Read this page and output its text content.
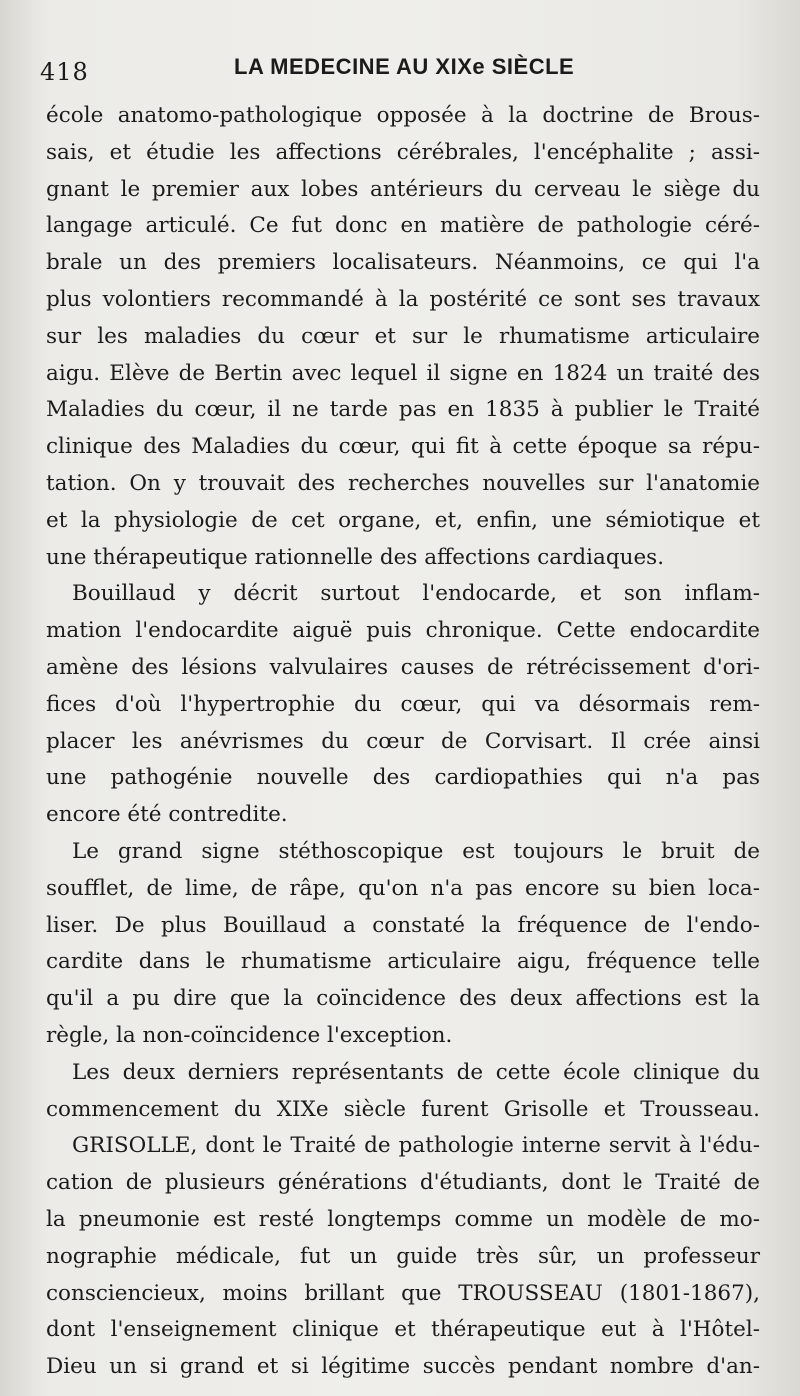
418	LA MEDECINE AU XIXe SIÈCLE

école anatomo-pathologique opposée à la doctrine de Brous-
sais, et étudie les affections cérébrales, l'encéphalite ; assi-
gnant le premier aux lobes antérieurs du cerveau le siège du
langage articulé. Ce fut donc en matière de pathologie céré-
brale un des premiers localisateurs. Néanmoins, ce qui l'a
plus volontiers recommandé à la postérité ce sont ses travaux
sur les maladies du cœur et sur le rhumatisme articulaire
aigu. Elève de Bertin avec lequel il signe en 1824 un traité des
Maladies du cœur, il ne tarde pas en 1835 à publier le Traité
clinique des Maladies du cœur, qui fit à cette époque sa répu-
tation. On y trouvait des recherches nouvelles sur l'anatomie
et la physiologie de cet organe, et, enfin, une sémiotique et
une thérapeutique rationnelle des affections cardiaques.

Bouillaud y décrit surtout l'endocarde, et son inflam-
mation l'endocardite aiguë puis chronique. Cette endocardite
amène des lésions valvulaires causes de rétrécissement d'ori-
fices d'où l'hypertrophie du cœur, qui va désormais rem-
placer les anévrismes du cœur de Corvisart. Il crée ainsi
une pathogénie nouvelle des cardiopathies qui n'a pas
encore été contredite.

Le grand signe stéthoscopique est toujours le bruit de
soufflet, de lime, de râpe, qu'on n'a pas encore su bien loca-
liser. De plus Bouillaud a constaté la fréquence de l'endo-
cardite dans le rhumatisme articulaire aigu, fréquence telle
qu'il a pu dire que la coïncidence des deux affections est la
règle, la non-coïncidence l'exception.

Les deux derniers représentants de cette école clinique du
commencement du XIXe siècle furent Grisolle et Trousseau.

GRISOLLE, dont le Traité de pathologie interne servit à l'édu-
cation de plusieurs générations d'étudiants, dont le Traité de
la pneumonie est resté longtemps comme un modèle de mo-
nographie médicale, fut un guide très sûr, un professeur
consciencieux, moins brillant que TROUSSEAU (1801-1867),
dont l'enseignement clinique et thérapeutique eut à l'Hôtel-
Dieu un si grand et si légitime succès pendant nombre d'an-
